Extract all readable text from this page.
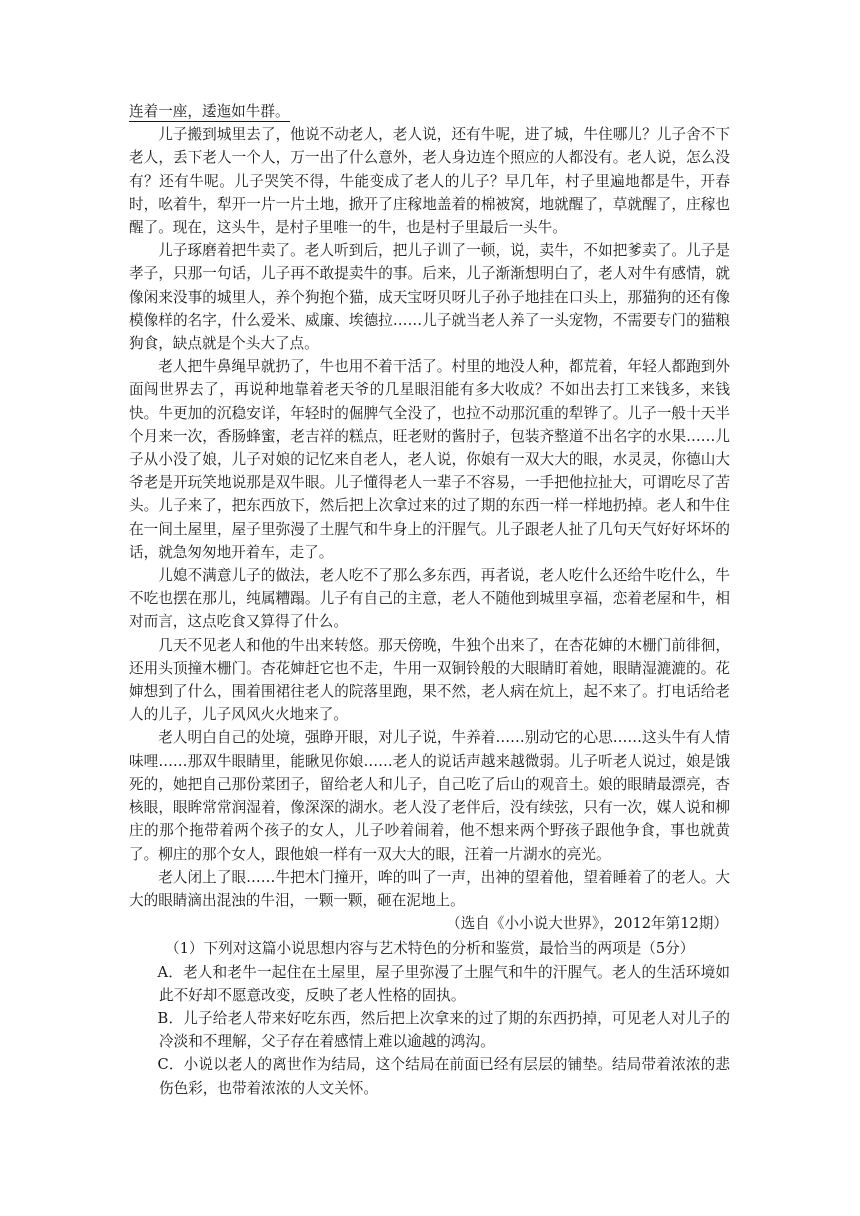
连着一座，逶迤如牛群。

儿子搬到城里去了，他说不动老人，老人说，还有牛呢，进了城，牛住哪儿？儿子舍不下老人，丢下老人一个人，万一出了什么意外，老人身边连个照应的人都没有。老人说，怎么没有？还有牛呢。儿子哭笑不得，牛能变成了老人的儿子？早几年，村子里遍地都是牛，开春时，吆着牛，犁开一片一片土地，掀开了庄稼地盖着的棉被窝，地就醒了，草就醒了，庄稼也醒了。现在，这头牛，是村子里唯一的牛，也是村子里最后一头牛。

儿子琢磨着把牛卖了。老人听到后，把儿子训了一顿，说，卖牛，不如把爹卖了。儿子是孝子，只那一句话，儿子再不敢提卖牛的事。后来，儿子渐渐想明白了，老人对牛有感情，就像闲来没事的城里人，养个狗抱个猫，成天宝呀贝呀儿子孙子地挂在口头上，那猫狗的还有像模像样的名字，什么爱米、威廉、埃德拉……儿子就当老人养了一头宠物，不需要专门的猫粮狗食，缺点就是个头大了点。

老人把牛鼻绳早就扔了，牛也用不着干活了。村里的地没人种，都荒着，年轻人都跑到外面闯世界去了，再说种地靠着老天爷的几星眼泪能有多大收成？不如出去打工来钱多，来钱快。牛更加的沉稳安详，年轻时的倔脾气全没了，也拉不动那沉重的犁铧了。儿子一般十天半个月来一次，香肠蜂蜜，老吉祥的糕点，旺老财的酱肘子，包装齐整道不出名字的水果……儿子从小没了娘，儿子对娘的记忆来自老人，老人说，你娘有一双大大的眼，水灵灵，你德山大爷老是开玩笑地说那是双牛眼。儿子懂得老人一辈子不容易，一手把他拉扯大，可谓吃尽了苦头。儿子来了，把东西放下，然后把上次拿过来的过了期的东西一样一样地扔掉。老人和牛住在一间土屋里，屋子里弥漫了土腥气和牛身上的汗腥气。儿子跟老人扯了几句天气好好坏坏的话，就急匆匆地开着车，走了。

儿媳不满意儿子的做法，老人吃不了那么多东西，再者说，老人吃什么还给牛吃什么，牛不吃也摆在那儿，纯属糟蹋。儿子有自己的主意，老人不随他到城里享福，恋着老屋和牛，相对而言，这点吃食又算得了什么。

几天不见老人和他的牛出来转悠。那天傍晚，牛独个出来了，在杏花婶的木栅门前徘徊，还用头顶撞木栅门。杏花婶赶它也不走，牛用一双铜铃般的大眼睛盯着她，眼睛湿漉漉的。花婶想到了什么，围着围裙往老人的院落里跑，果不然，老人病在炕上，起不来了。打电话给老人的儿子，儿子风风火火地来了。

老人明白自己的处境，强睁开眼，对儿子说，牛养着……别动它的心思……这头牛有人情味哩……那双牛眼睛里，能瞅见你娘……老人的说话声越来越微弱。儿子听老人说过，娘是饿死的，她把自己那份菜团子，留给老人和儿子，自己吃了后山的观音土。娘的眼睛最漂亮，杏核眼，眼眸常常润湿着，像深深的湖水。老人没了老伴后，没有续弦，只有一次，媒人说和柳庄的那个拖带着两个孩子的女人，儿子吵着闹着，他不想来两个野孩子跟他争食，事也就黄了。柳庄的那个女人，跟他娘一样有一双大大的眼，汪着一片湖水的亮光。

老人闭上了眼……牛把木门撞开，哞的叫了一声，出神的望着他，望着睡着了的老人。大大的眼睛滴出混浊的牛泪，一颗一颗，砸在泥地上。

（选自《小小说大世界》，2012年第12期）

（1）下列对这篇小说思想内容与艺术特色的分析和鉴赏，最恰当的两项是（5分）

A．老人和老牛一起住在土屋里，屋子里弥漫了土腥气和牛的汗腥气。老人的生活环境如此不好却不愿意改变，反映了老人性格的固执。

B．儿子给老人带来好吃东西，然后把上次拿来的过了期的东西扔掉，可见老人对儿子的冷淡和不理解，父子存在着感情上难以逾越的鸿沟。

C．小说以老人的离世作为结局，这个结局在前面已经有层层的铺垫。结局带着浓浓的悲伤色彩，也带着浓浓的人文关怀。
